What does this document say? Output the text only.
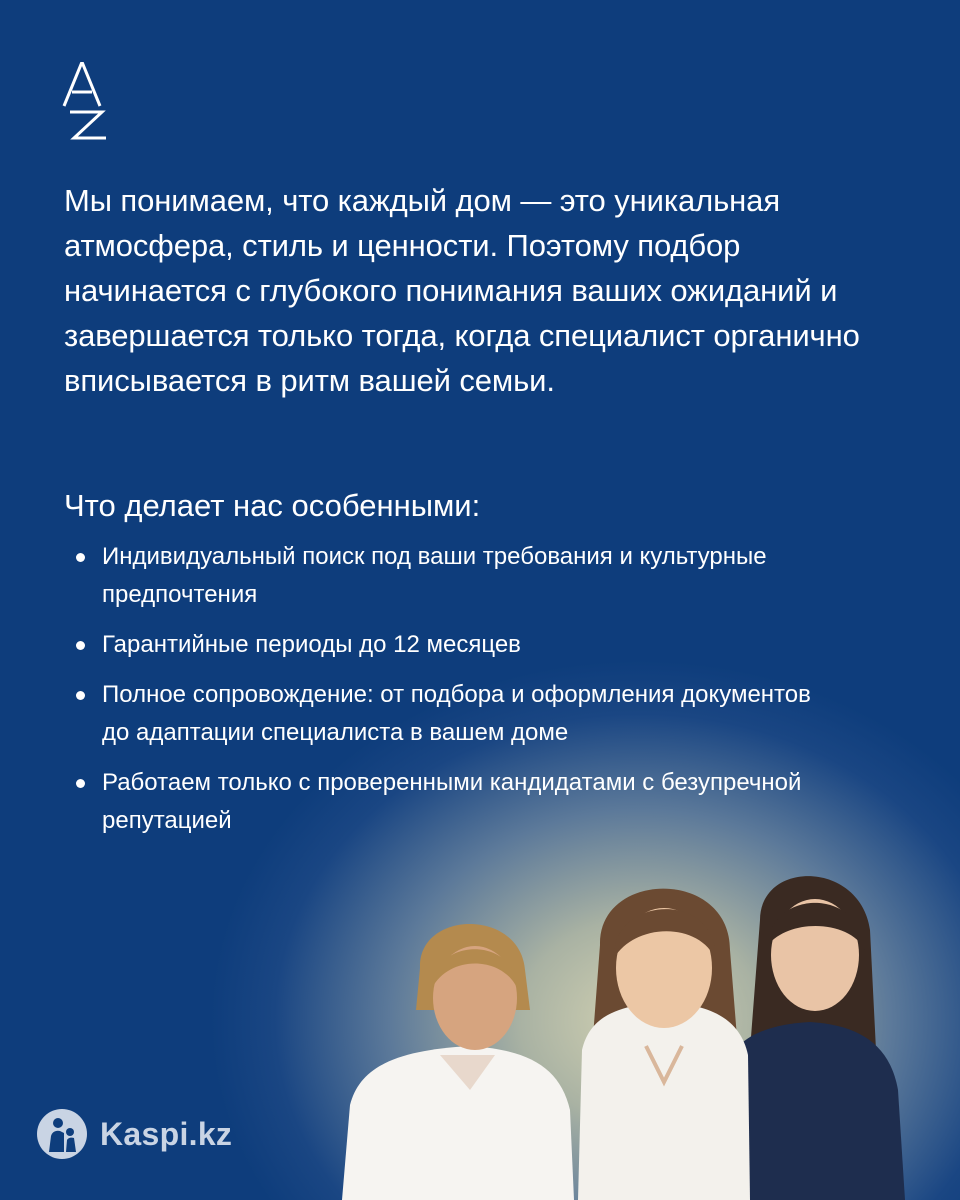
Мы понимаем, что каждый дом — это уникальная атмосфера, стиль и ценности. Поэтому подбор начинается с глубокого понимания ваших ожиданий и завершается только тогда, когда специалист органично вписывается в ритм вашей семьи.

Что делает нас особенными:
Индивидуальный поиск под ваши требования и культурные предпочтения
Гарантийные периоды до 12 месяцев
Полное сопровождение: от подбора и оформления документов до адаптации специалиста в вашем доме
Работаем только с проверенными кандидатами с безупречной репутацией
Kaspi.kz
